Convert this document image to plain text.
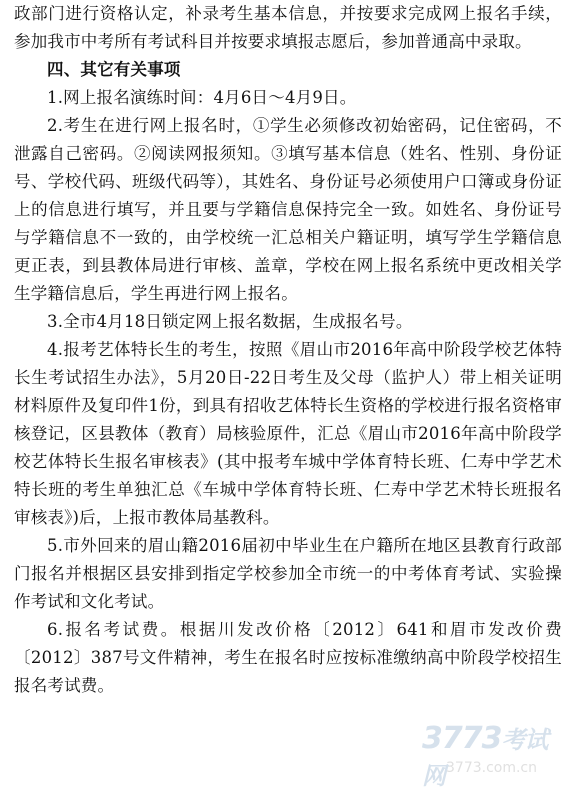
政部门进行资格认定，补录考生基本信息，并按要求完成网上报名手续，参加我市中考所有考试科目并按要求填报志愿后，参加普通高中录取。

四、其它有关事项

1.网上报名演练时间：4月6日～4月9日。

2.考生在进行网上报名时，①学生必须修改初始密码，记住密码，不泄露自己密码。②阅读网报须知。③填写基本信息（姓名、性别、身份证号、学校代码、班级代码等），其姓名、身份证号必须使用户口簿或身份证上的信息进行填写，并且要与学籍信息保持完全一致。如姓名、身份证号与学籍信息不一致的，由学校统一汇总相关户籍证明，填写学生学籍信息更正表，到县教体局进行审核、盖章，学校在网上报名系统中更改相关学生学籍信息后，学生再进行网上报名。

3.全市4月18日锁定网上报名数据，生成报名号。

4.报考艺体特长生的考生，按照《眉山市2016年高中阶段学校艺体特长生考试招生办法》，5月20日-22日考生及父母（监护人）带上相关证明材料原件及复印件1份，到具有招收艺体特长生资格的学校进行报名资格审核登记，区县教体（教育）局核验原件，汇总《眉山市2016年高中阶段学校艺体特长生报名审核表》(其中报考车城中学体育特长班、仁寿中学艺术特长班的考生单独汇总《车城中学体育特长班、仁寿中学艺术特长班报名审核表》)后，上报市教体局基教科。

5.市外回来的眉山籍2016届初中毕业生在户籍所在地区县教育行政部门报名并根据区县安排到指定学校参加全市统一的中考体育考试、实验操作考试和文化考试。

6.报名考试费。根据川发改价格〔2012〕641和眉市发改价费〔2012〕387号文件精神，考生在报名时应按标准缴纳高中阶段学校招生报名考试费。

3773考试网 3773.com.cn
